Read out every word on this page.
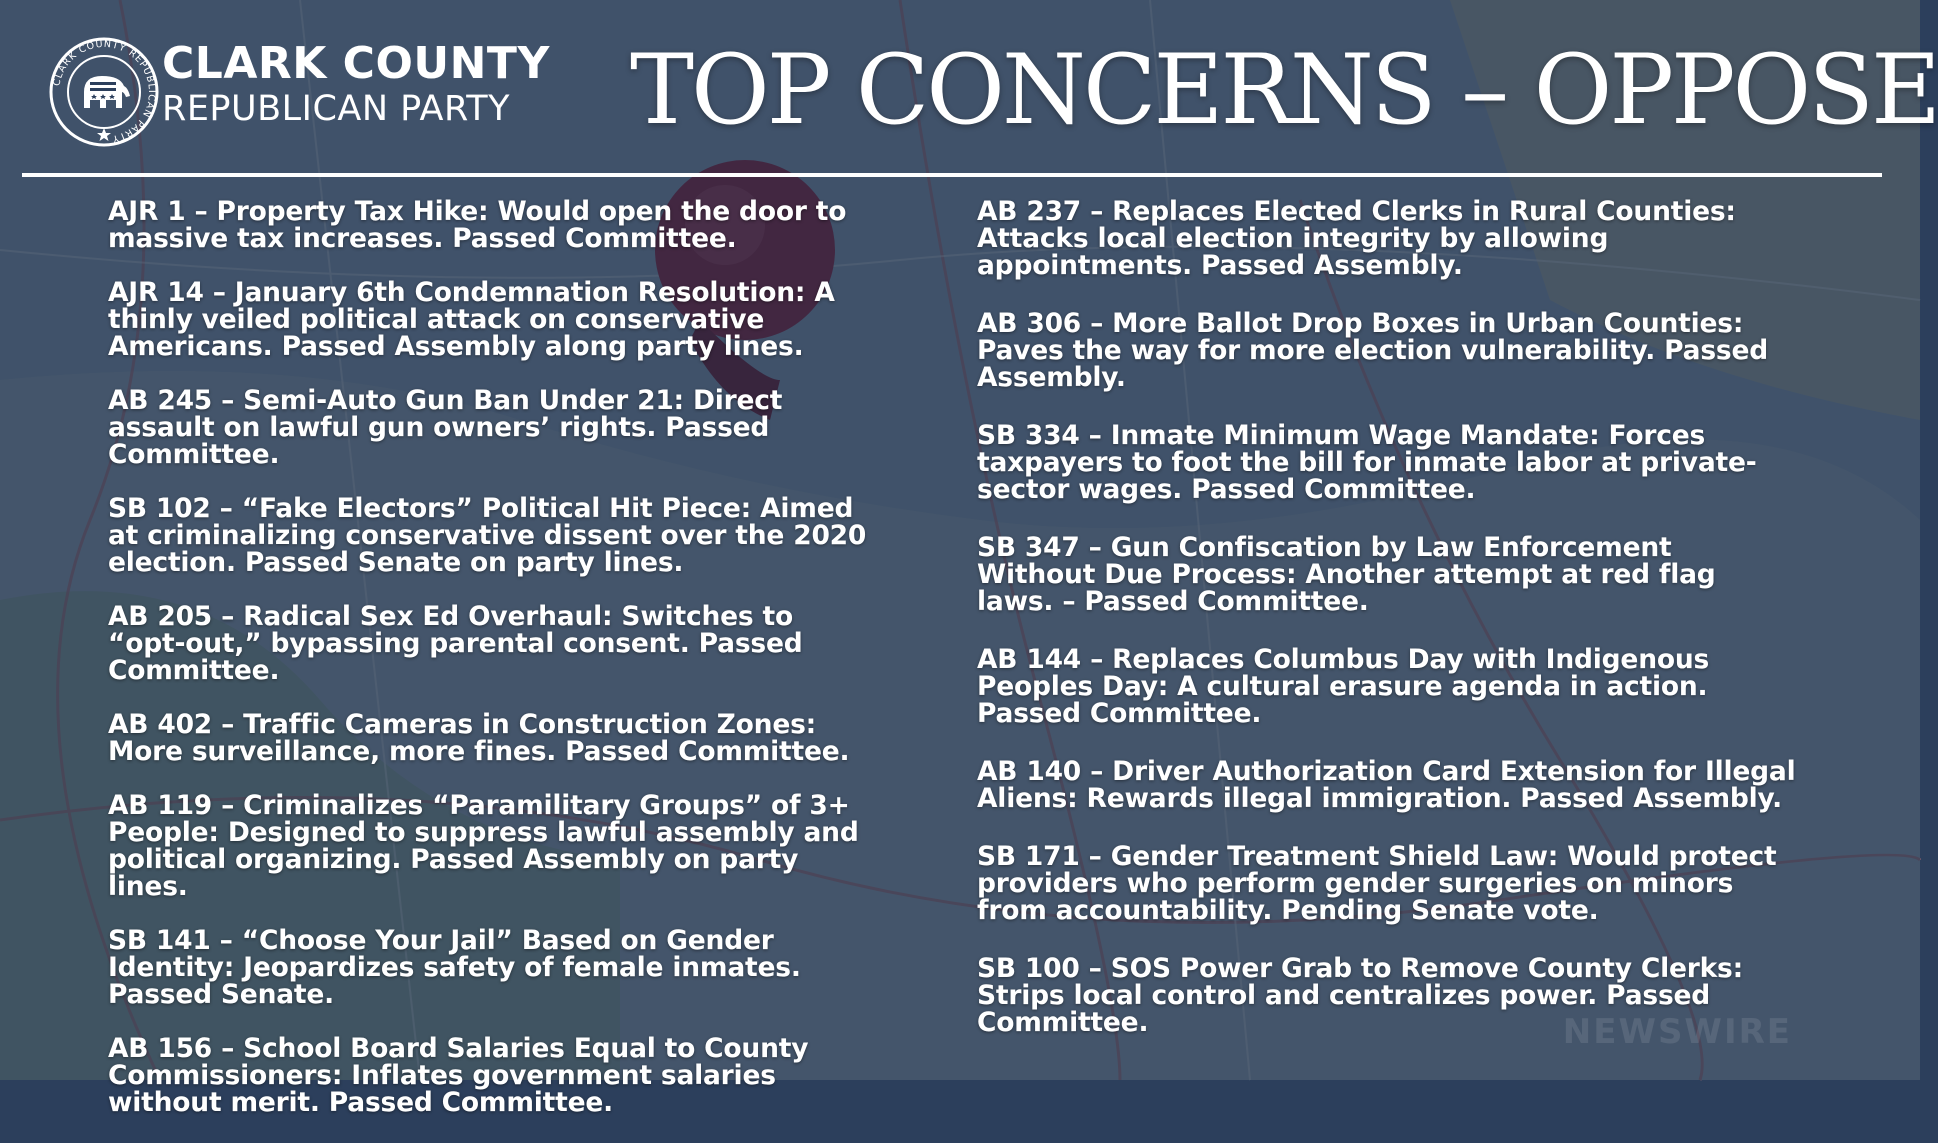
CLARK COUNTY REPUBLICAN PARTY
CLARK COUNTY
REPUBLICAN PARTY	TOP CONCERNS – OPPOSE

AJR 1 – Property Tax Hike: Would open the door to massive tax increases. Passed Committee.

AJR 14 – January 6th Condemnation Resolution: A thinly veiled political attack on conservative Americans. Passed Assembly along party lines.

AB 245 – Semi-Auto Gun Ban Under 21: Direct assault on lawful gun owners’ rights. Passed Committee.

SB 102 – “Fake Electors” Political Hit Piece: Aimed at criminalizing conservative dissent over the 2020 election. Passed Senate on party lines.

AB 205 – Radical Sex Ed Overhaul: Switches to “opt-out,” bypassing parental consent. Passed Committee.

AB 402 – Traffic Cameras in Construction Zones: More surveillance, more fines. Passed Committee.

AB 119 – Criminalizes “Paramilitary Groups” of 3+ People: Designed to suppress lawful assembly and political organizing. Passed Assembly on party lines.

SB 141 – “Choose Your Jail” Based on Gender Identity: Jeopardizes safety of female inmates. Passed Senate.

AB 156 – School Board Salaries Equal to County Commissioners: Inflates government salaries without merit. Passed Committee.

AB 237 – Replaces Elected Clerks in Rural Counties: Attacks local election integrity by allowing appointments. Passed Assembly.

AB 306 – More Ballot Drop Boxes in Urban Counties: Paves the way for more election vulnerability. Passed Assembly.

SB 334 – Inmate Minimum Wage Mandate: Forces taxpayers to foot the bill for inmate labor at private-sector wages. Passed Committee.

SB 347 – Gun Confiscation by Law Enforcement Without Due Process: Another attempt at red flag laws. – Passed Committee.

AB 144 – Replaces Columbus Day with Indigenous Peoples Day: A cultural erasure agenda in action. Passed Committee.

AB 140 – Driver Authorization Card Extension for Illegal Aliens: Rewards illegal immigration. Passed Assembly.

SB 171 – Gender Treatment Shield Law: Would protect providers who perform gender surgeries on minors from accountability. Pending Senate vote.

SB 100 – SOS Power Grab to Remove County Clerks: Strips local control and centralizes power. Passed Committee.	NEWSWIRE
